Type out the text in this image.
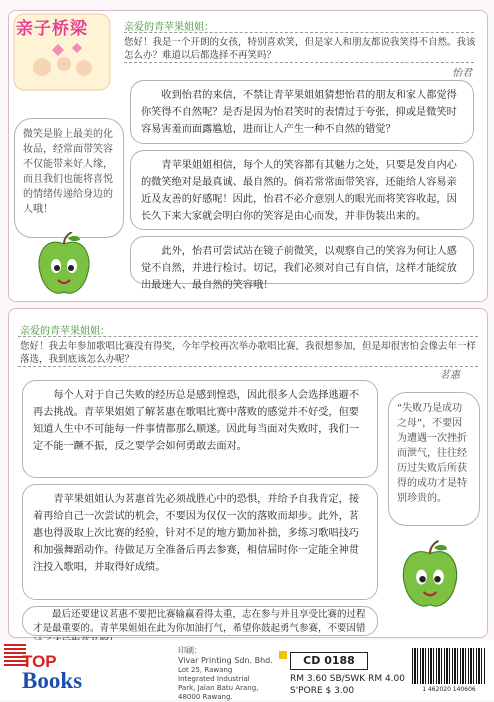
亲子桥梁	亲爱的青苹果姐姐：
您好！我是一个开朗的女孩，特别喜欢笑，但是家人和朋友都说我笑得不自然。我该怎么办？难道以后都选择不再笑吗？
怡君
收到怡君的来信，不禁让青苹果姐姐猜想怡君的朋友和家人都觉得你笑得不自然呢？是否是因为怡君笑时的表情过于夸张，抑或是微笑时容易害羞而面露尴尬，进而让人产生一种不自然的错觉？
青苹果姐姐相信，每个人的笑容都有其魅力之处，只要是发自内心的微笑绝对是最真诚、最自然的。倘若常常面带笑容，还能给人容易亲近及友善的好感呢！因此，怡君不必介意别人的眼光而将笑容收起，因长久下来大家就会明白你的笑容是由心而发，并非伪装出来的。
此外，怡君可尝试站在镜子前微笑，以观察自己的笑容为何让人感觉不自然，并进行检讨。切记，我们必须对自己有自信，这样才能绽放出最迷人、最自然的笑容哦！
微笑是脸上最美的化妆品，经常面带笑容不仅能带来好人缘，而且我们也能将喜悦的情绪传递给身边的人哦！
亲爱的青苹果姐姐：
您好！我去年参加歌唱比赛没有得奖，今年学校再次举办歌唱比赛，我很想参加，但是却很害怕会像去年一样落选，我到底该怎么办呢？
茗惠
每个人对于自己失败的经历总是感到惶恐，因此很多人会选择逃避不再去挑战。青苹果姐姐了解茗惠在歌唱比赛中落败的感觉并不好受，但要知道人生中不可能每一件事情都那么顺遂。因此每当面对失败时，我们一定不能一蹶不振，反之要学会如何勇敢去面对。
青苹果姐姐认为茗惠首先必须战胜心中的恐惧，并给予自我肯定，接着再给自己一次尝试的机会，不要因为仅仅一次的落败而却步。此外，茗惠也得汲取上次比赛的经验，针对不足的地方勤加补拙，多练习歌唱技巧和加强舞蹈动作。待做足万全准备后再去参赛，相信届时你一定能全神贯注投入歌唱，并取得好成绩。
最后还要建议茗惠不要把比赛输赢看得太重，志在参与并且享受比赛的过程才是最重要的。青苹果姐姐在此为你加油打气，希望你鼓起勇气参赛，不要因错
“失败乃是成功之母”，不要因为遭遇一次挫折而泄气，往往经历过失败后所获得的成功才是特别珍贵的。
TOP
Books
印刷：
Vivar Printing Sdn. Bhd.
Lot 25, Rawang Integrated Industrial Park, Jalan Batu Arang, 48000 Rawang.
CD 0188
RM 3.60 SB/SWK RM 4.00
S'PORE $ 3.00	1 462020 140606
